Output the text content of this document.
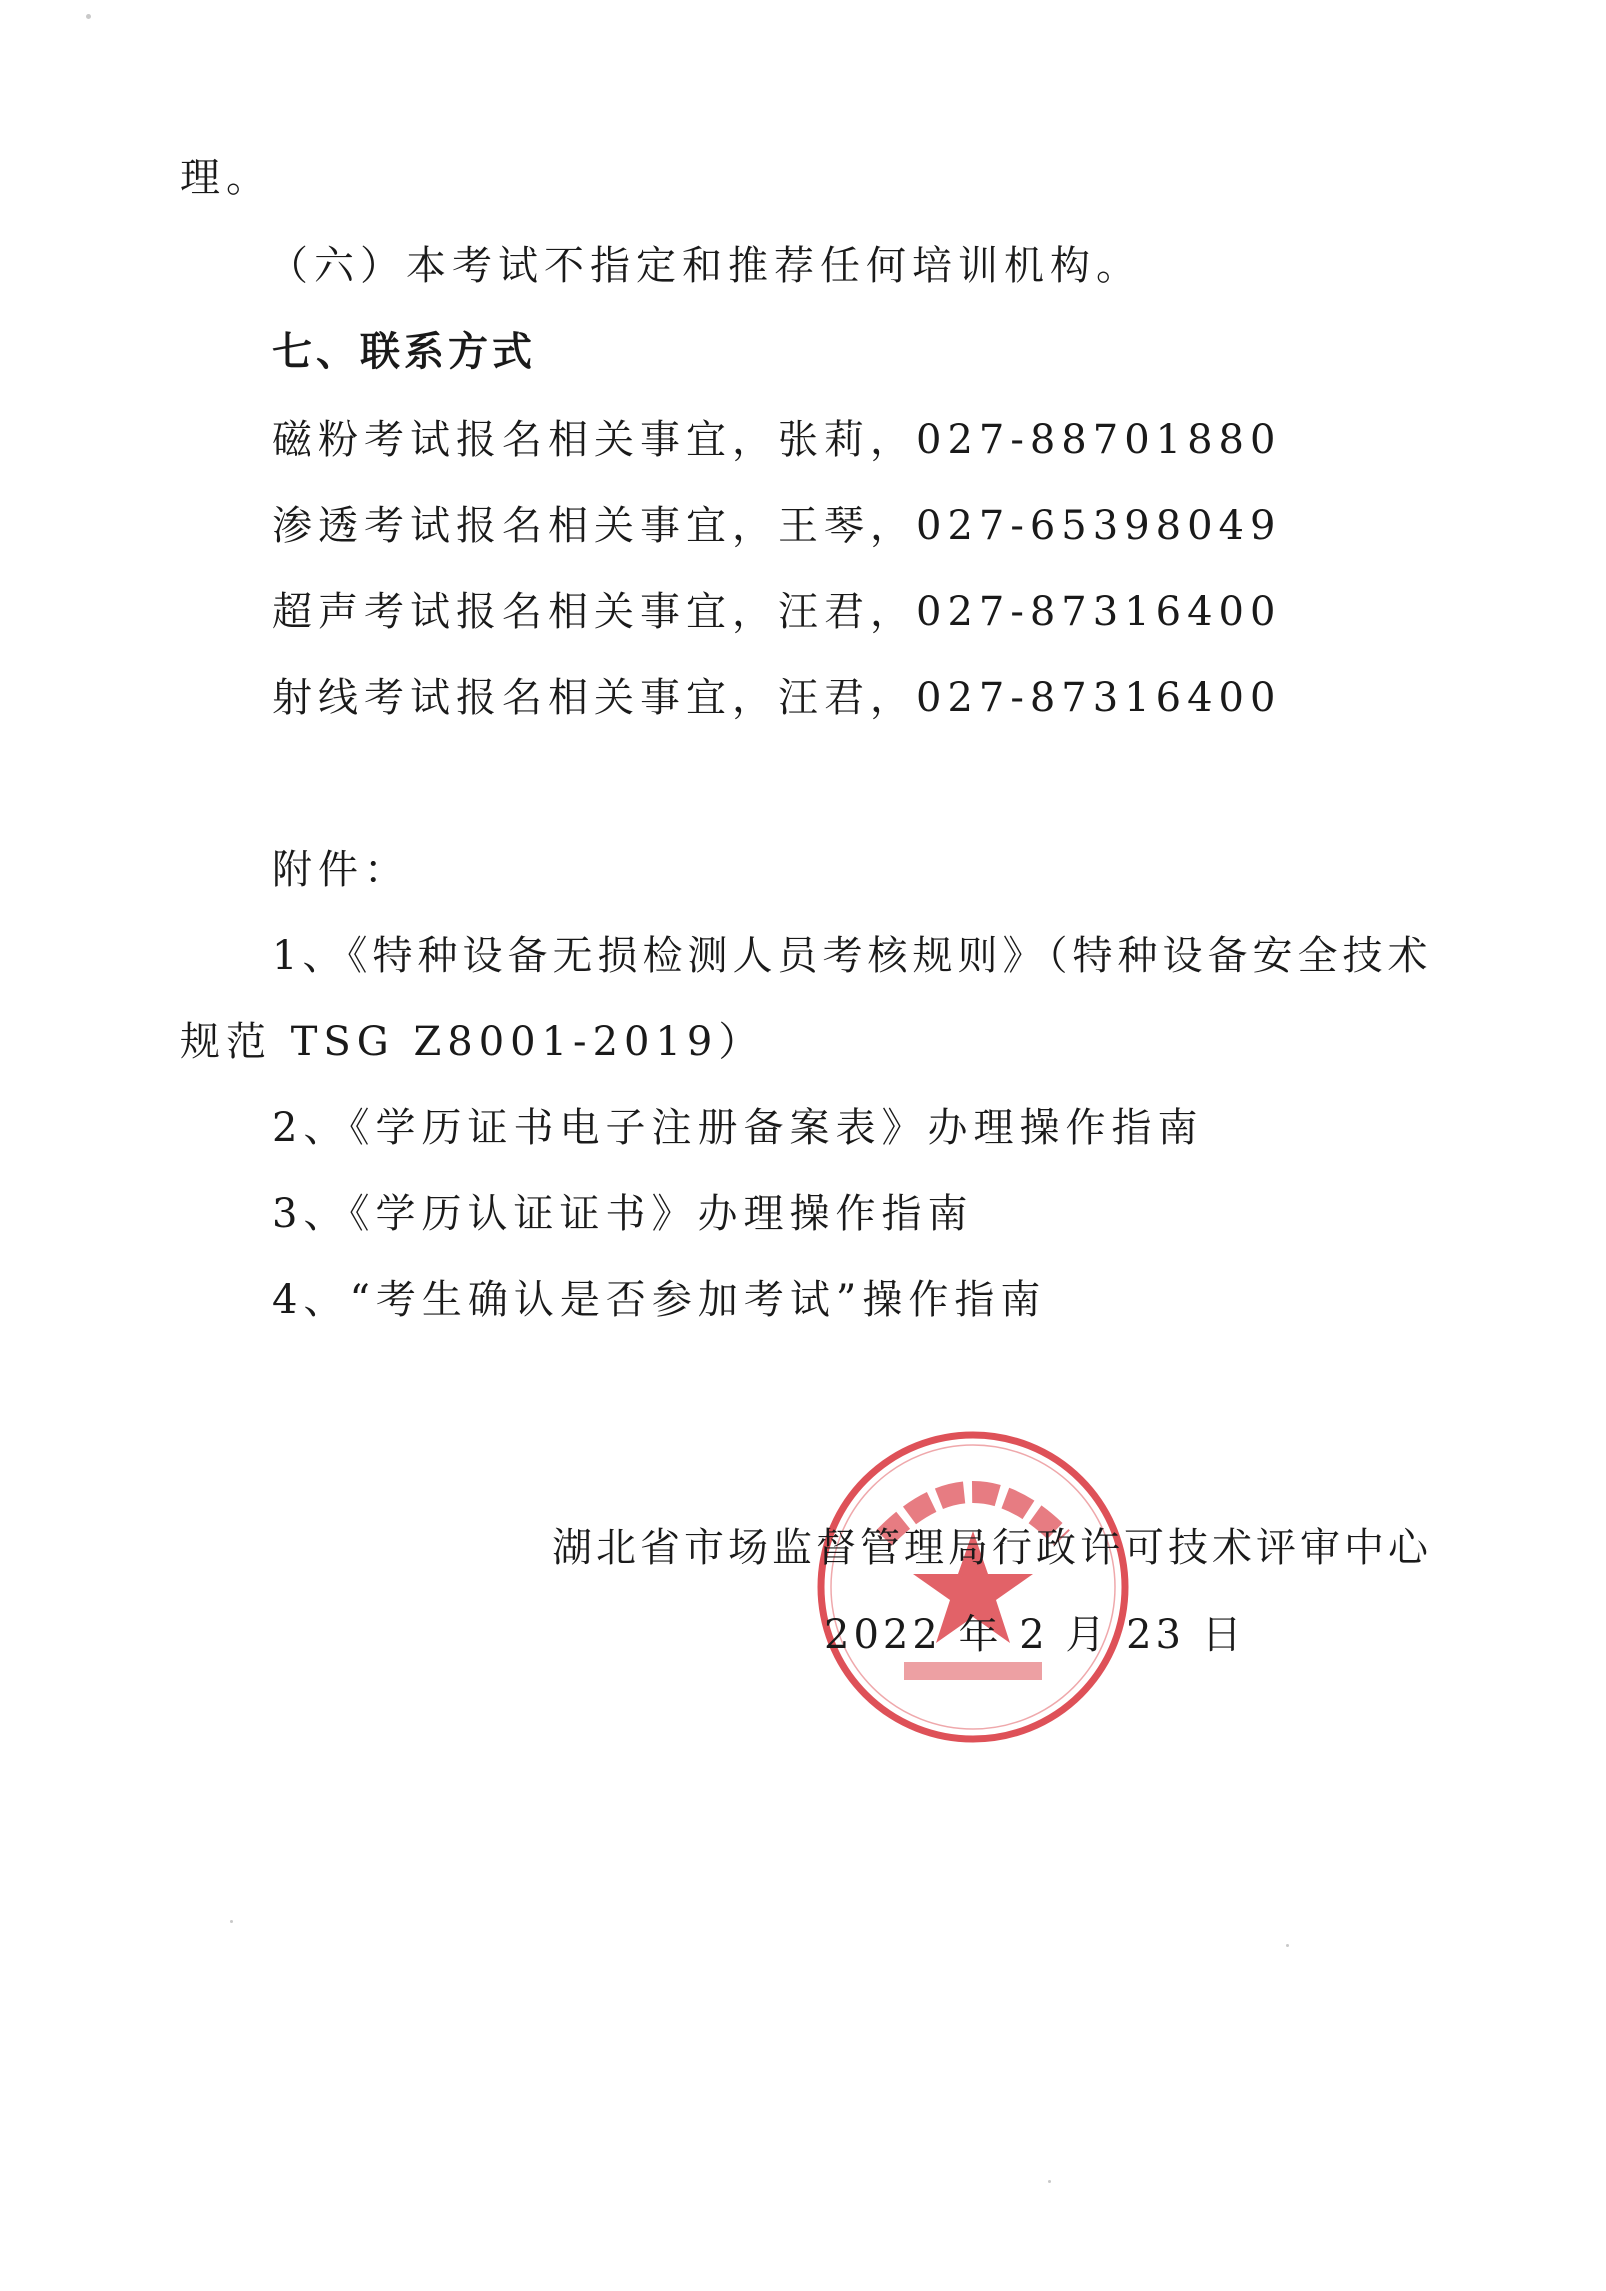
理。
（六）本考试不指定和推荐任何培训机构。
七、联系方式
磁粉考试报名相关事宜，张莉，027-88701880
渗透考试报名相关事宜，王琴，027-65398049
超声考试报名相关事宜，汪君，027-87316400
射线考试报名相关事宜，汪君，027-87316400
附件：
1、《特种设备无损检测人员考核规则》（特种设备安全技术
规范 TSG Z8001-2019）
2、《学历证书电子注册备案表》办理操作指南
3、《学历认证证书》办理操作指南
4、“考生确认是否参加考试”操作指南
湖北省市场监督管理局行政许可技术评审中心
2022 年 2 月 23 日
